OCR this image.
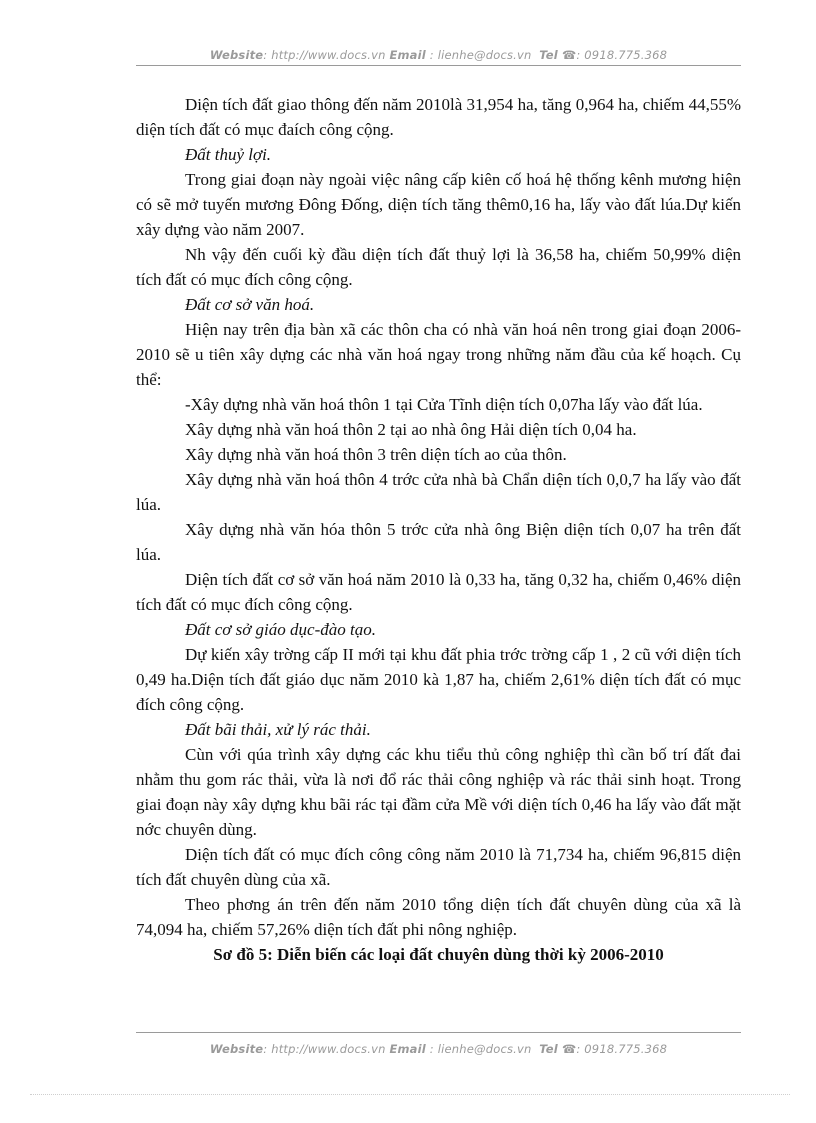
Website: http://www.docs.vn Email : lienhe@docs.vn Tel ☎: 0918.775.368

Diện tích đất giao thông đến năm 2010là 31,954 ha, tăng 0,964 ha, chiếm 44,55% diện tích đất có mục đaích công cộng.

Đất thuỷ lợi.

Trong giai đoạn này ngoài việc nâng cấp kiên cố hoá hệ thống kênh mương hiện có sẽ mở tuyến mương Đông Đống, diện tích tăng thêm0,16 ha, lấy vào đất lúa.Dự kiến xây dựng vào năm 2007.

Nh vậy đến cuối kỳ đầu diện tích đất thuỷ lợi là 36,58 ha, chiếm 50,99% diện tích đất có mục đích công cộng.

Đất cơ sở văn hoá.

Hiện nay trên địa bàn xã các thôn cha có nhà văn hoá nên trong giai đoạn 2006-2010 sẽ u tiên xây dựng các nhà văn hoá ngay trong những năm đầu của kế hoạch. Cụ thể:

-Xây dựng nhà văn hoá thôn 1 tại Cửa Tĩnh diện tích 0,07ha lấy vào đất lúa.

Xây dựng nhà văn hoá thôn 2 tại ao nhà ông Hải diện tích 0,04 ha.

Xây dựng nhà văn hoá thôn 3 trên diện tích ao của thôn.

Xây dựng nhà văn hoá thôn 4 trớc cửa nhà bà Chẩn diện tích 0,0,7 ha lấy vào đất lúa.

Xây dựng nhà văn hóa thôn 5 trớc cửa nhà ông Biện diện tích 0,07 ha trên đất lúa.

Diện tích đất cơ sở văn hoá năm 2010 là 0,33 ha, tăng 0,32 ha, chiếm 0,46% diện tích đất có mục đích công cộng.

Đất cơ sở giáo dục-đào tạo.

Dự kiến xây trờng cấp II mới tại khu đất phia trớc trờng cấp 1 , 2 cũ với diện tích 0,49 ha.Diện tích đất giáo dục năm 2010 kà 1,87 ha, chiếm 2,61% diện tích đất có mục đích công cộng.

Đất bãi thải, xử lý rác thải.

Cùn với qúa trình xây dựng các khu tiểu thủ công nghiệp thì cần bố trí đất đai nhằm thu gom rác thải, vừa là nơi đổ rác thải công nghiệp và rác thải sinh hoạt. Trong giai đoạn này xây dựng khu bãi rác tại đầm cửa Mề với diện tích 0,46 ha lấy vào đất mặt nớc chuyên dùng.

Diện tích đất có mục đích công công năm 2010 là 71,734 ha, chiếm 96,815 diện tích đất chuyên dùng của xã.

Theo phơng án trên đến năm 2010 tổng diện tích đất chuyên dùng của xã là 74,094 ha, chiếm 57,26% diện tích đất phi nông nghiệp.

Sơ đồ 5: Diễn biến các loại đất chuyên dùng thời kỳ 2006-2010

Website: http://www.docs.vn Email : lienhe@docs.vn Tel ☎: 0918.775.368
